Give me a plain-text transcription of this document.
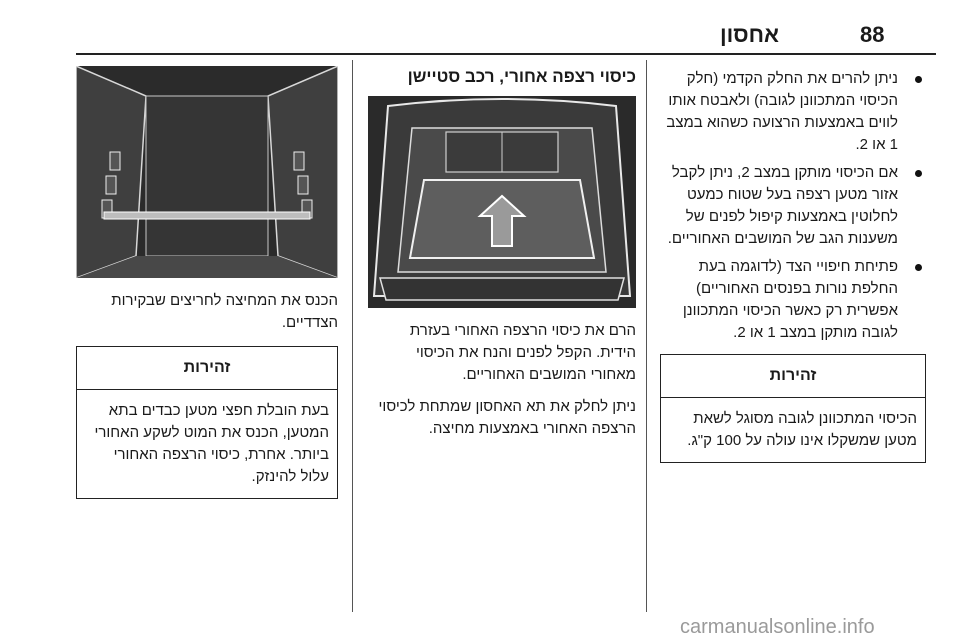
88
אחסון
ניתן להרים את החלק הקדמי (חלק הכיסוי המתכוונן לגובה) ולאבטח אותו לווים באמצעות הרצועה כשהוא במצב 1 או 2.
אם הכיסוי מותקן במצב 2, ניתן לקבל אזור מטען רצפה בעל שטוח כמעט לחלוטין באמצעות קיפול לפנים של משענות הגב של המושבים האחוריים.
פתיחת חיפויי הצד (לדוגמה בעת החלפת נורות בפנסים האחוריים) אפשרית רק כאשר הכיסוי המתכוונן לגובה מותקן במצב 1 או 2.
זהירות
הכיסוי המתכוונן לגובה מסוגל לשאת מטען שמשקלו אינו עולה על 100 ק"ג.
כיסוי רצפה אחורי, רכב סטיישן
הרם את כיסוי הרצפה האחורי בעזרת הידית. הקפל לפנים והנח את הכיסוי מאחורי המושבים האחוריים.
ניתן לחלק את תא האחסון שמתחת לכיסוי הרצפה האחורי באמצעות מחיצה.
הכנס את המחיצה לחריצים שבקירות הצדדיים.
זהירות
בעת הובלת חפצי מטען כבדים בתא המטען, הכנס את המוט לשקע האחורי ביותר. אחרת, כיסוי הרצפה האחורי עלול להינזק.
carmanualsonline.info
